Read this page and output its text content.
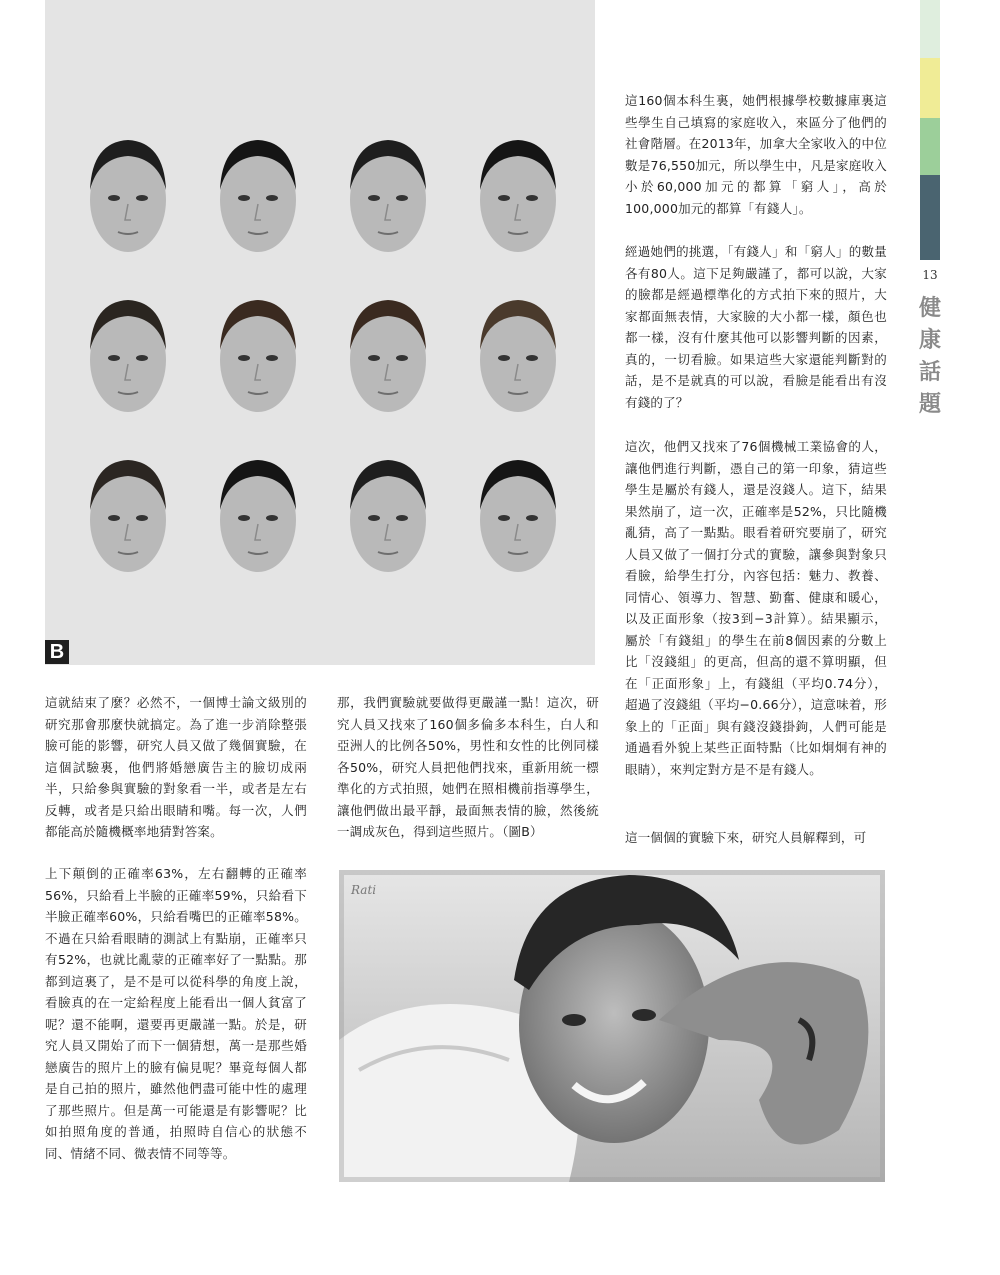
B
13
健
康
話
題

這160個本科生裏，她們根據學校數據庫裏這些學生自己填寫的家庭收入，來區分了他們的社會階層。在2013年，加拿大全家收入的中位數是76,550加元，所以學生中，凡是家庭收入小於60,000加元的都算「窮人」，高於100,000加元的都算「有錢人」。

經過她們的挑選，「有錢人」和「窮人」的數量各有80人。這下足夠嚴謹了，都可以說，大家的臉都是經過標準化的方式拍下來的照片，大家都面無表情，大家臉的大小都一樣，顏色也都一樣，沒有什麼其他可以影響判斷的因素，真的，一切看臉。如果這些大家還能判斷對的話，是不是就真的可以說，看臉是能看出有沒有錢的了？

這次，他們又找來了76個機械工業協會的人，讓他們進行判斷，憑自己的第一印象，猜這些學生是屬於有錢人，還是沒錢人。這下，結果果然崩了，這一次，正確率是52%，只比隨機亂猜，高了一點點。眼看着研究要崩了，研究人員又做了一個打分式的實驗，讓參與對象只看臉，給學生打分，內容包括：魅力、教養、同情心、領導力、智慧、勤奮、健康和暖心，以及正面形象（按3到−3計算）。結果顯示，屬於「有錢組」的學生在前8個因素的分數上比「沒錢組」的更高，但高的還不算明顯，但在「正面形象」上，有錢組（平均0.74分），超過了沒錢組（平均−0.66分），這意味着，形象上的「正面」與有錢沒錢掛鉤，人們可能是通過看外貌上某些正面特點（比如炯炯有神的眼睛），來判定對方是不是有錢人。

這一個個的實驗下來，研究人員解釋到，可

這就結束了麼？必然不，一個博士論文級別的研究那會那麼快就搞定。為了進一步消除整張臉可能的影響，研究人員又做了幾個實驗，在這個試驗裏，他們將婚戀廣告主的臉切成兩半，只給參與實驗的對象看一半，或者是左右反轉，或者是只給出眼睛和嘴。每一次，人們都能高於隨機概率地猜對答案。

上下顛倒的正確率63%，左右翻轉的正確率56%，只給看上半臉的正確率59%，只給看下半臉正確率60%，只給看嘴巴的正確率58%。不過在只給看眼睛的測試上有點崩，正確率只有52%，也就比亂蒙的正確率好了一點點。那都到這裏了，是不是可以從科學的角度上說，看臉真的在一定給程度上能看出一個人貧富了呢？還不能啊，還要再更嚴謹一點。於是，研究人員又開始了而下一個猜想，萬一是那些婚戀廣告的照片上的臉有偏見呢？畢竟每個人都是自己拍的照片，雖然他們盡可能中性的處理了那些照片。但是萬一可能還是有影響呢？比如拍照角度的普通，拍照時自信心的狀態不同、情緒不同、微表情不同等等。

那，我們實驗就要做得更嚴謹一點！這次，研究人員又找來了160個多倫多本科生，白人和亞洲人的比例各50%，男性和女性的比例同樣各50%，研究人員把他們找來，重新用統一標準化的方式拍照，她們在照相機前指導學生，讓他們做出最平靜，最面無表情的臉，然後統一調成灰色，得到這些照片。（圖B）

Rati
